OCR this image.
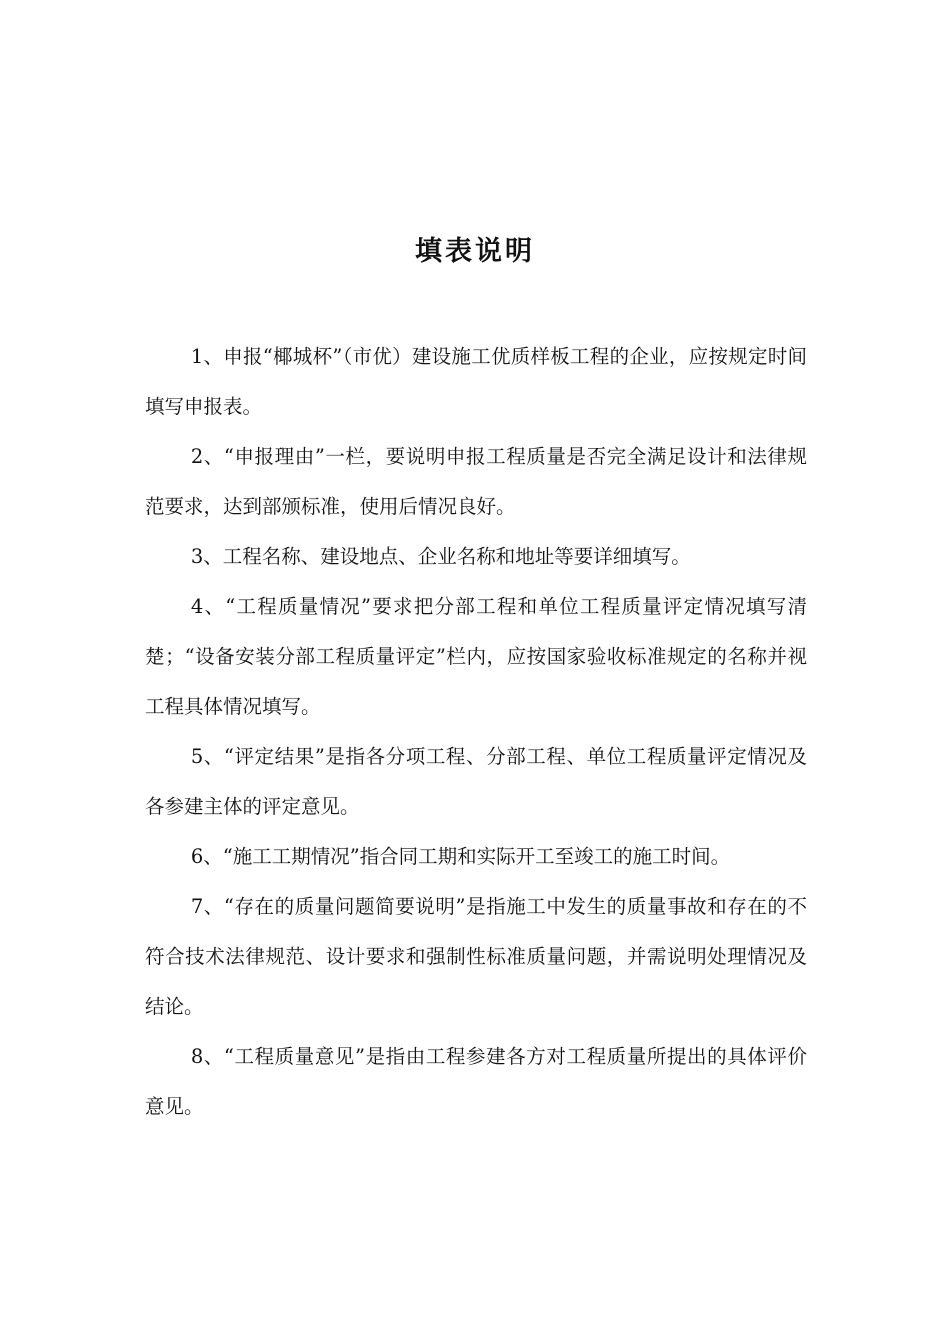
填表说明

1、申报“椰城杯”（市优）建设施工优质样板工程的企业，应按规定时间填写申报表。

2、“申报理由”一栏，要说明申报工程质量是否完全满足设计和法律规范要求，达到部颁标准，使用后情况良好。

3、工程名称、建设地点、企业名称和地址等要详细填写。

4、“工程质量情况”要求把分部工程和单位工程质量评定情况填写清楚；“设备安装分部工程质量评定”栏内，应按国家验收标准规定的名称并视工程具体情况填写。

5、“评定结果”是指各分项工程、分部工程、单位工程质量评定情况及各参建主体的评定意见。

6、“施工工期情况”指合同工期和实际开工至竣工的施工时间。

7、“存在的质量问题简要说明”是指施工中发生的质量事故和存在的不符合技术法律规范、设计要求和强制性标准质量问题，并需说明处理情况及结论。

8、“工程质量意见”是指由工程参建各方对工程质量所提出的具体评价意见。
